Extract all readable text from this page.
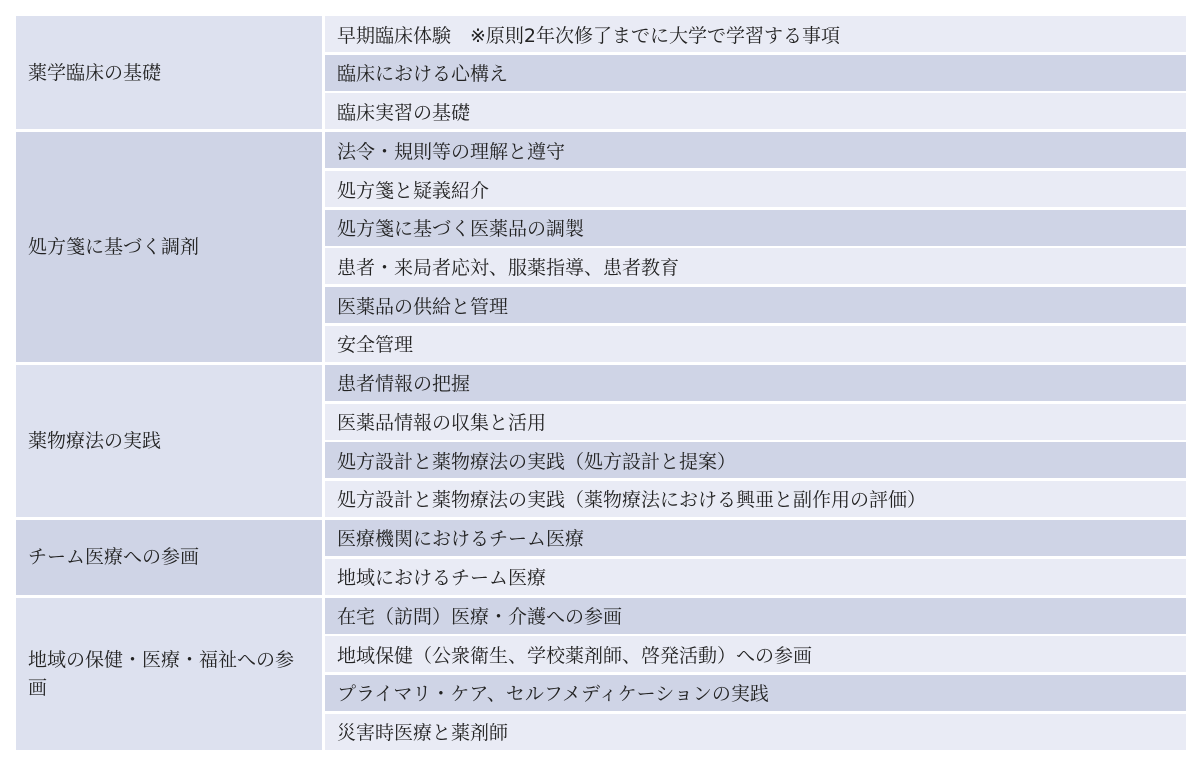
薬学臨床の基礎
早期臨床体験　※原則2年次修了までに大学で学習する事項
臨床における心構え
臨床実習の基礎
処方箋に基づく調剤
法令・規則等の理解と遵守
処方箋と疑義紹介
処方箋に基づく医薬品の調製
患者・来局者応対、服薬指導、患者教育
医薬品の供給と管理
安全管理
薬物療法の実践
患者情報の把握
医薬品情報の収集と活用
処方設計と薬物療法の実践（処方設計と提案）
処方設計と薬物療法の実践（薬物療法における興亜と副作用の評価）
チーム医療への参画
医療機関におけるチーム医療
地域におけるチーム医療
地域の保健・医療・福祉への参画
在宅（訪問）医療・介護への参画
地域保健（公衆衛生、学校薬剤師、啓発活動）への参画
プライマリ・ケア、セルフメディケーションの実践
災害時医療と薬剤師
